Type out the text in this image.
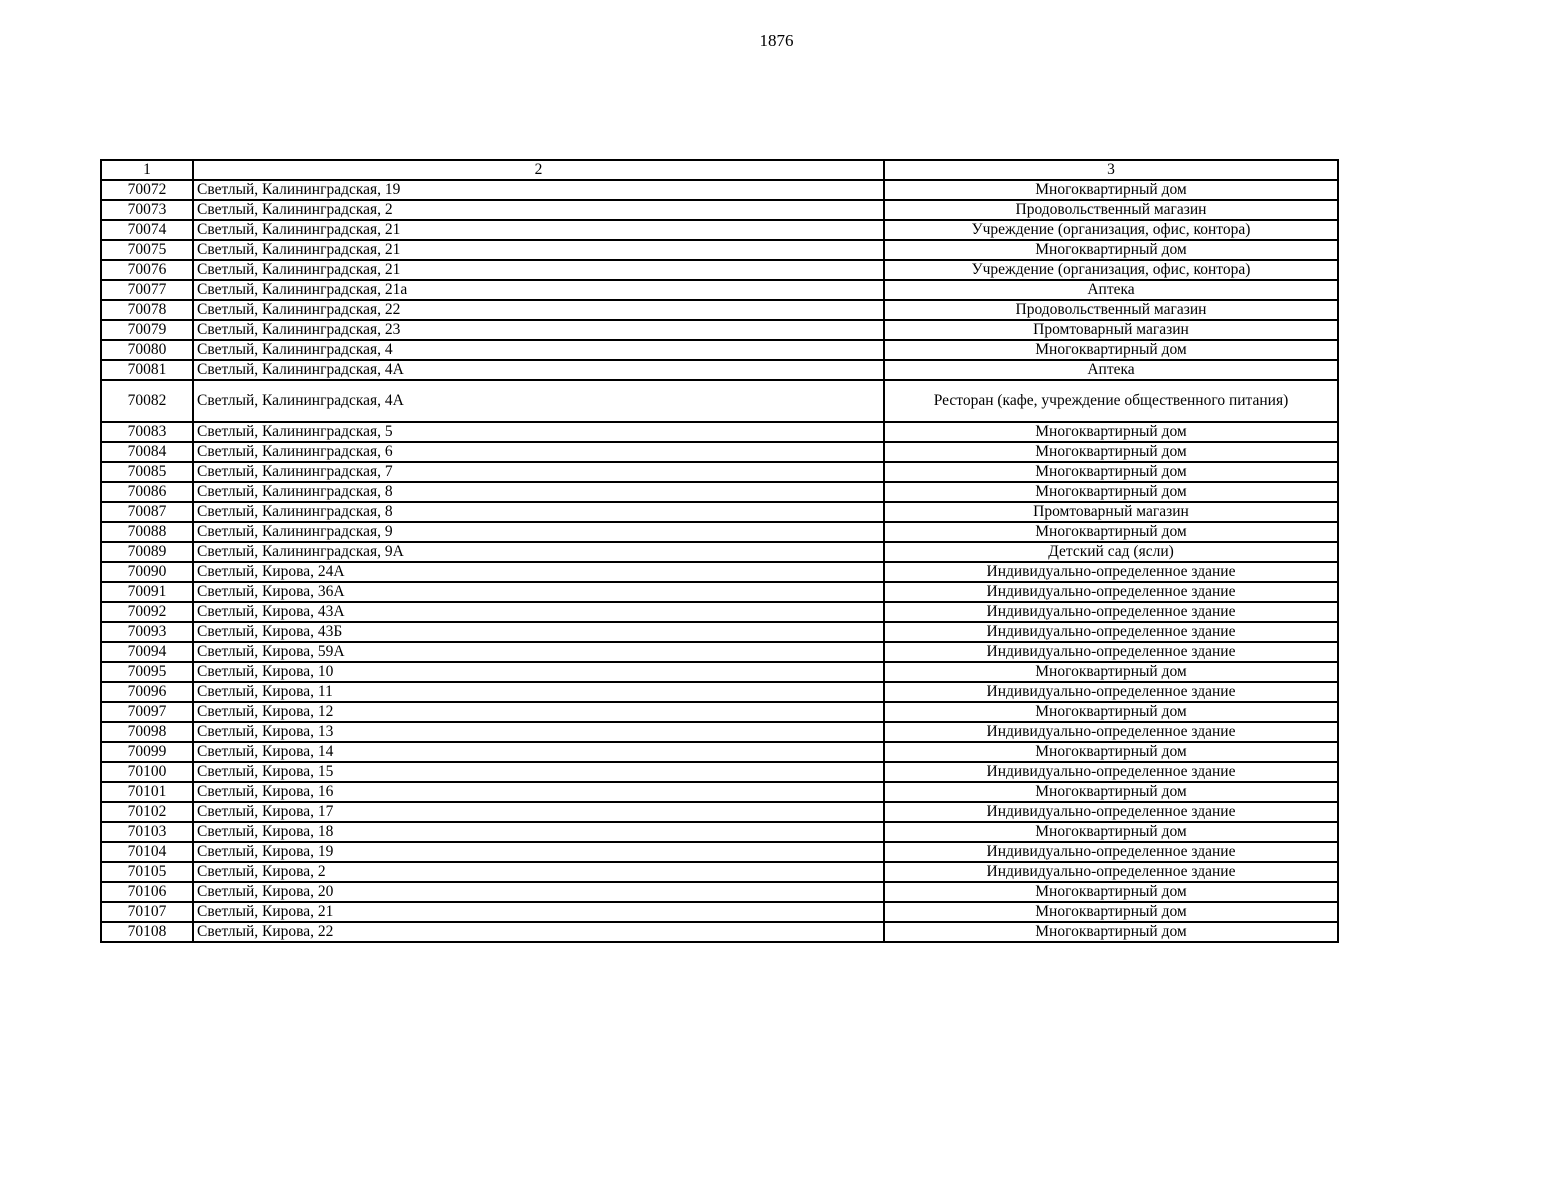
1876
1	2	3
70072	Светлый, Калининградская, 19	Многоквартирный дом
70073	Светлый, Калининградская, 2	Продовольственный магазин
70074	Светлый, Калининградская, 21	Учреждение (организация, офис, контора)
70075	Светлый, Калининградская, 21	Многоквартирный дом
70076	Светлый, Калининградская, 21	Учреждение (организация, офис, контора)
70077	Светлый, Калининградская, 21а	Аптека
70078	Светлый, Калининградская, 22	Продовольственный магазин
70079	Светлый, Калининградская, 23	Промтоварный магазин
70080	Светлый, Калининградская, 4	Многоквартирный дом
70081	Светлый, Калининградская, 4А	Аптека
70082	Светлый, Калининградская, 4А	Ресторан (кафе, учреждение общественного питания)
70083	Светлый, Калининградская, 5	Многоквартирный дом
70084	Светлый, Калининградская, 6	Многоквартирный дом
70085	Светлый, Калининградская, 7	Многоквартирный дом
70086	Светлый, Калининградская, 8	Многоквартирный дом
70087	Светлый, Калининградская, 8	Промтоварный магазин
70088	Светлый, Калининградская, 9	Многоквартирный дом
70089	Светлый, Калининградская, 9А	Детский сад (ясли)
70090	Светлый, Кирова, 24А	Индивидуально-определенное здание
70091	Светлый, Кирова, 36А	Индивидуально-определенное здание
70092	Светлый, Кирова, 43А	Индивидуально-определенное здание
70093	Светлый, Кирова, 43Б	Индивидуально-определенное здание
70094	Светлый, Кирова, 59А	Индивидуально-определенное здание
70095	Светлый, Кирова, 10	Многоквартирный дом
70096	Светлый, Кирова, 11	Индивидуально-определенное здание
70097	Светлый, Кирова, 12	Многоквартирный дом
70098	Светлый, Кирова, 13	Индивидуально-определенное здание
70099	Светлый, Кирова, 14	Многоквартирный дом
70100	Светлый, Кирова, 15	Индивидуально-определенное здание
70101	Светлый, Кирова, 16	Многоквартирный дом
70102	Светлый, Кирова, 17	Индивидуально-определенное здание
70103	Светлый, Кирова, 18	Многоквартирный дом
70104	Светлый, Кирова, 19	Индивидуально-определенное здание
70105	Светлый, Кирова, 2	Индивидуально-определенное здание
70106	Светлый, Кирова, 20	Многоквартирный дом
70107	Светлый, Кирова, 21	Многоквартирный дом
70108	Светлый, Кирова, 22	Многоквартирный дом
